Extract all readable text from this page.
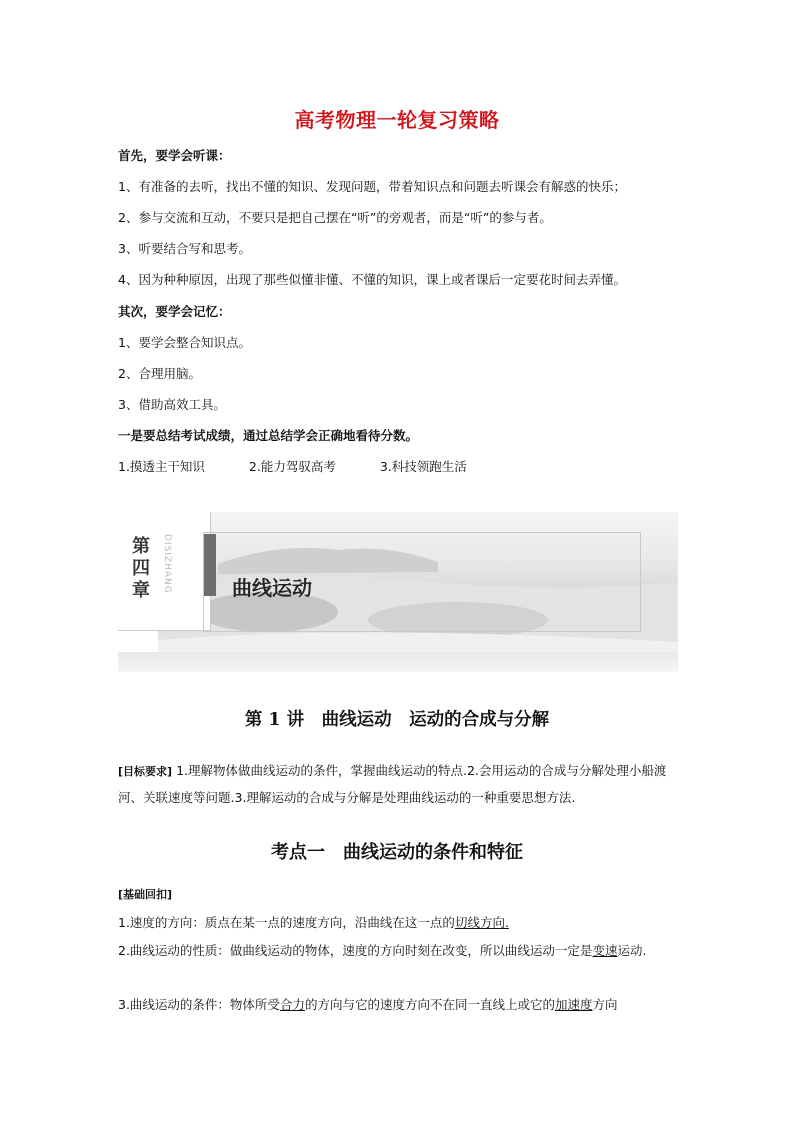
高考物理一轮复习策略
首先，要学会听课：
1、有准备的去听，找出不懂的知识、发现问题，带着知识点和问题去听课会有解惑的快乐；
2、参与交流和互动，不要只是把自己摆在“听”的旁观者，而是“听”的参与者。
3、听要结合写和思考。
4、因为种种原因，出现了那些似懂非懂、不懂的知识，课上或者课后一定要花时间去弄懂。
其次，要学会记忆：
1、要学会整合知识点。
2、合理用脑。
3、借助高效工具。
一是要总结考试成绩，通过总结学会正确地看待分数。
1.摸透主干知识	2.能力驾驭高考	3.科技领跑生活
第
四
章 DISIZHANG	曲线运动
第 1 讲　曲线运动　运动的合成与分解
[目标要求] 1.理解物体做曲线运动的条件，掌握曲线运动的特点.2.会用运动的合成与分解处理小船渡河、关联速度等问题.3.理解运动的合成与分解是处理曲线运动的一种重要思想方法.
考点一　曲线运动的条件和特征
[基础回扣]
1.速度的方向：质点在某一点的速度方向，沿曲线在这一点的切线方向.
2.曲线运动的性质：做曲线运动的物体，速度的方向时刻在改变，所以曲线运动一定是变速运动.
3.曲线运动的条件：物体所受合力的方向与它的速度方向不在同一直线上或它的加速度方向
